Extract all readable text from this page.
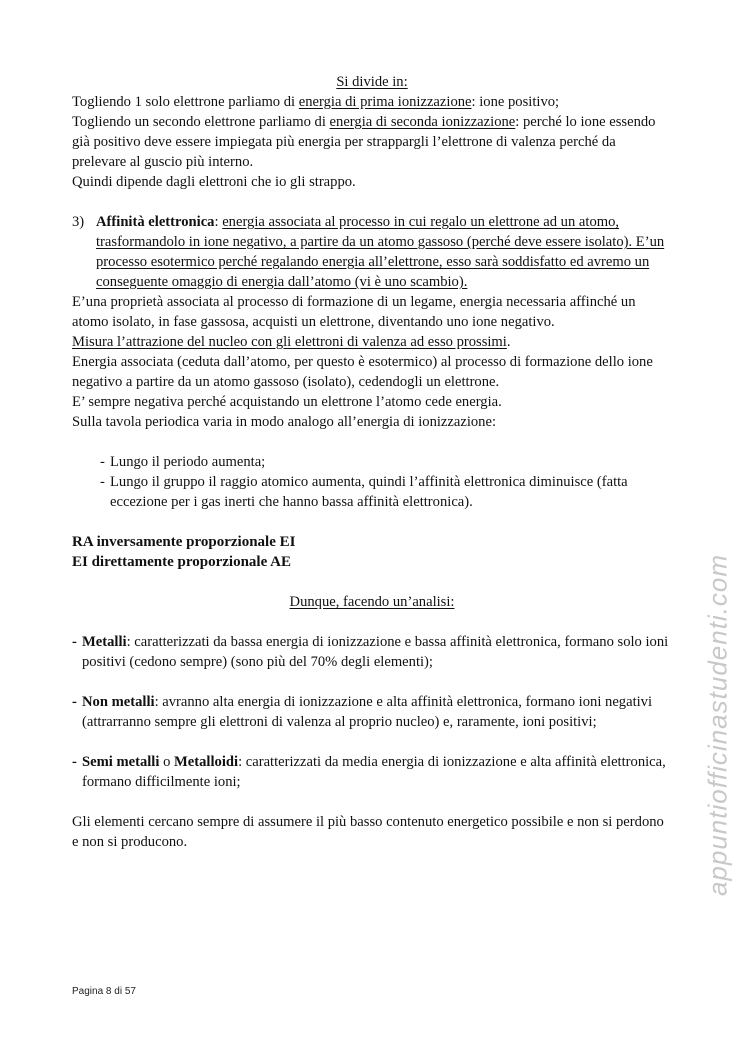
Si divide in:

Togliendo 1 solo elettrone parliamo di energia di prima ionizzazione: ione positivo;

Togliendo un secondo elettrone parliamo di energia di seconda ionizzazione: perché lo ione essendo già positivo deve essere impiegata più energia per strappargli l’elettrone di valenza perché da prelevare al guscio più interno.

Quindi dipende dagli elettroni che io gli strappo.

3) Affinità elettronica: energia associata al processo in cui regalo un elettrone ad un atomo, trasformandolo in ione negativo, a partire da un atomo gassoso (perché deve essere isolato). E’un processo esotermico perché regalando energia all’elettrone, esso sarà soddisfatto ed avremo un conseguente omaggio di energia dall’atomo (vi è uno scambio).

E’una proprietà associata al processo di formazione di un legame, energia necessaria affinché un atomo isolato, in fase gassosa, acquisti un elettrone, diventando uno ione negativo.

Misura l’attrazione del nucleo con gli elettroni di valenza ad esso prossimi.

Energia associata (ceduta dall’atomo, per questo è esotermico) al processo di formazione dello ione negativo a partire da un atomo gassoso (isolato), cedendogli un elettrone.

E’ sempre negativa perché acquistando un elettrone l’atomo cede energia.

Sulla tavola periodica varia in modo analogo all’energia di ionizzazione:

- Lungo il periodo aumenta;
- Lungo il gruppo il raggio atomico aumenta, quindi l’affinità elettronica diminuisce (fatta eccezione per i gas inerti che hanno bassa affinità elettronica).

RA inversamente proporzionale EI

EI direttamente proporzionale AE

Dunque, facendo un’analisi:

- Metalli: caratterizzati da bassa energia di ionizzazione e bassa affinità elettronica, formano solo ioni positivi (cedono sempre) (sono più del 70% degli elementi);
- Non metalli: avranno alta energia di ionizzazione e alta affinità elettronica, formano ioni negativi (attrarranno sempre gli elettroni di valenza al proprio nucleo) e, raramente, ioni positivi;
- Semi metalli o Metalloidi: caratterizzati da media energia di ionizzazione e alta affinità elettronica, formano difficilmente ioni;

Gli elementi cercano sempre di assumere il più basso contenuto energetico possibile e non si perdono e non si producono.

Pagina 8 di 57
appuntiofficinastudenti.com
